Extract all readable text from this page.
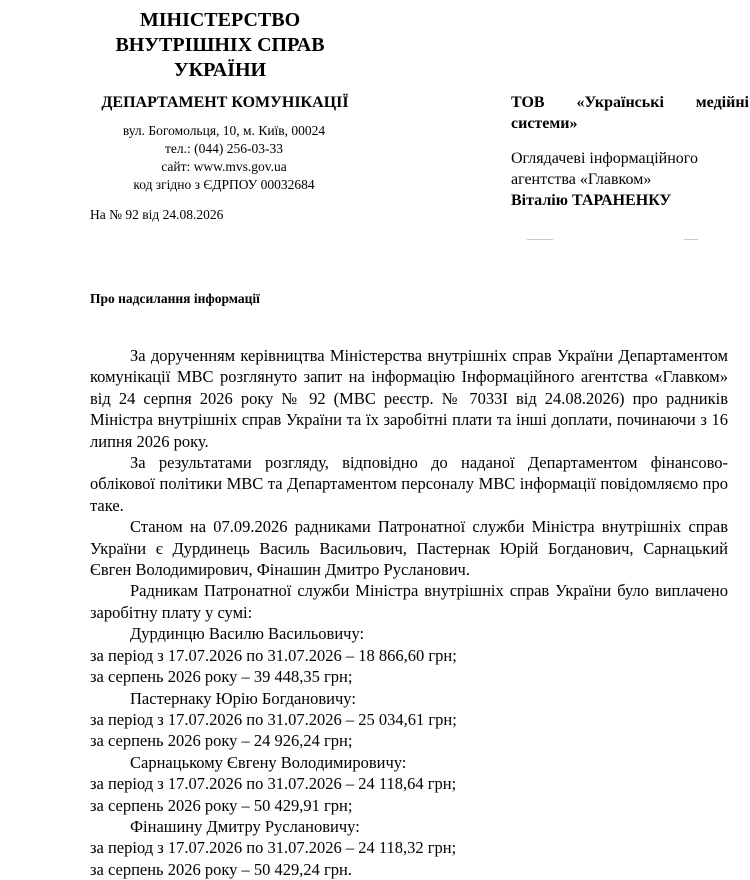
МІНІСТЕРСТВО
ВНУТРІШНІХ СПРАВ
УКРАЇНИ
ДЕПАРТАМЕНТ КОМУНІКАЦІЇ
вул. Богомольця, 10, м. Київ, 00024
тел.: (044) 256-03-33
сайт: www.mvs.gov.ua
код згідно з ЄДРПОУ 00032684
На № 92 від 24.08.2026
ТОВ «Українські медійні системи»
Оглядачеві інформаційного агентства «Главком»
Віталію ТАРАНЕНКУ
Про надсилання інформації

За дорученням керівництва Міністерства внутрішніх справ України Департаментом комунікації МВС розглянуто запит на інформацію Інформаційного агентства «Главком» від 24 серпня 2026 року № 92 (МВС реєстр. № 7033І від 24.08.2026) про радників Міністра внутрішніх справ України та їх заробітні плати та інші доплати, починаючи з 16 липня 2026 року.

За результатами розгляду, відповідно до наданої Департаментом фінансово-облікової політики МВС та Департаментом персоналу МВС інформації повідомляємо про таке.

Станом на 07.09.2026 радниками Патронатної служби Міністра внутрішніх справ України є Дурдинець Василь Васильович, Пастернак Юрій Богданович, Сарнацький Євген Володимирович, Фінашин Дмитро Русланович.

Радникам Патронатної служби Міністра внутрішніх справ України було виплачено заробітну плату у сумі:

Дурдинцю Василю Васильовичу:
за період з 17.07.2026 по 31.07.2026 – 18 866,60 грн;
за серпень 2026 року – 39 448,35 грн;
Пастернаку Юрію Богдановичу:
за період з 17.07.2026 по 31.07.2026 – 25 034,61 грн;
за серпень 2026 року – 24 926,24 грн;
Сарнацькому Євгену Володимировичу:
за період з 17.07.2026 по 31.07.2026 – 24 118,64 грн;
за серпень 2026 року – 50 429,91 грн;
Фінашину Дмитру Руслановичу:
за період з 17.07.2026 по 31.07.2026 – 24 118,32 грн;
за серпень 2026 року – 50 429,24 грн.
